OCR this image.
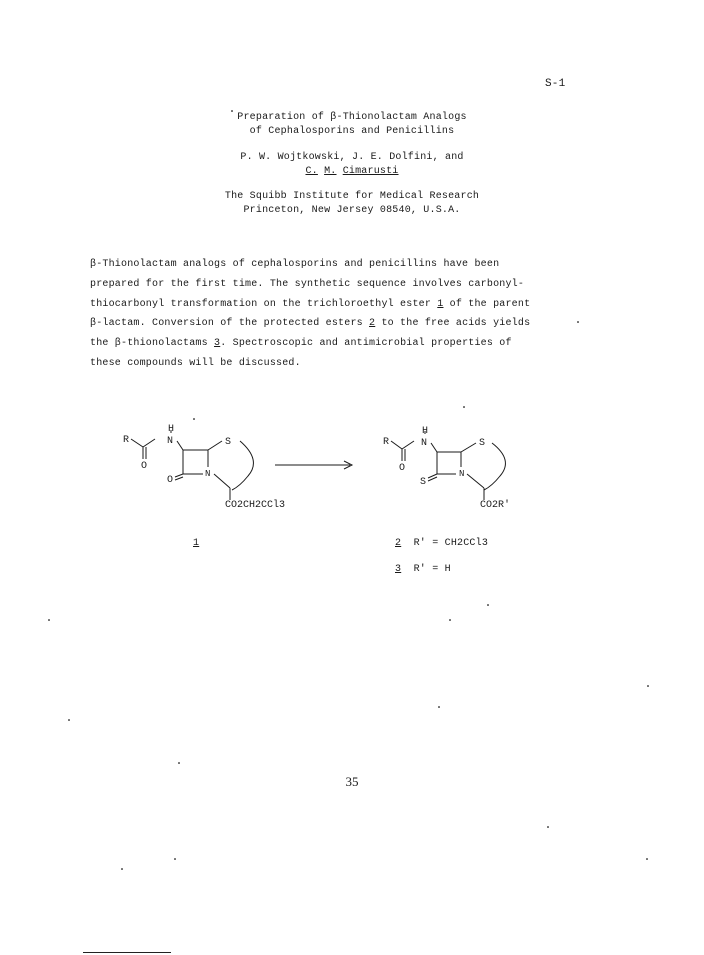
S-1
Preparation of β-Thionolactam Analogs
of Cephalosporins and Penicillins
P. W. Wojtkowski, J. E. Dolfini, and
C. M. Cimarusti
The Squibb Institute for Medical Research
Princeton, New Jersey 08540, U.S.A.
β-Thionolactam analogs of cephalosporins and penicillins have been
prepared for the first time. The synthetic sequence involves carbonyl-
thiocarbonyl transformation on the trichloroethyl ester 1 of the parent
β-lactam. Conversion of the protected esters 2 to the free acids yields
the β-thionolactams 3. Spectroscopic and antimicrobial properties of
these compounds will be discussed.
R
H
N
O
S
N
O
CO2CH2CCl3
R
H
N
O
S
N
S
CO2R'
1	2 R' = CH2CCl3
3 R' = H
35
